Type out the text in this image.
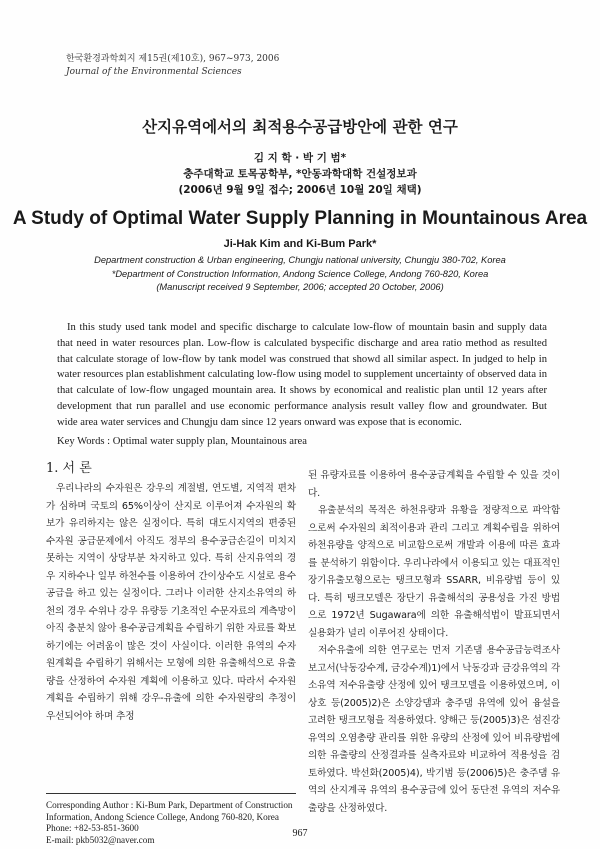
한국환경과학회지 제15권(제10호), 967~973, 2006
Journal of the Environmental Sciences
산지유역에서의 최적용수공급방안에 관한 연구
김 지 학 · 박 기 범*
충주대학교 토목공학부, *안동과학대학 건설정보과
(2006년 9월 9일 접수; 2006년 10월 20일 채택)
A Study of Optimal Water Supply Planning in Mountainous Area
Ji-Hak Kim and Ki-Bum Park*
Department construction & Urban engineering, Chungju national university, Chungju 380-702, Korea
*Department of Construction Information, Andong Science College, Andong 760-820, Korea
(Manuscript received 9 September, 2006; accepted 20 October, 2006)
In this study used tank model and specific discharge to calculate low-flow of mountain basin and supply data that need in water resources plan. Low-flow is calculated byspecific discharge and area ratio method as resulted that calculate storage of low-flow by tank model was construed that showd all similar aspect. In judged to help in water resources plan establishment calculating low-flow using model to supplement uncertainty of observed data in that calculate of low-flow ungaged mountain area. It shows by economical and realistic plan until 12 years after development that run parallel and use economic performance analysis result valley flow and groundwater. But wide area water services and Chungju dam since 12 years onward was expose that is economic.
Key Words : Optimal water supply plan, Mountainous area
1. 서 론

우리나라의 수자원은 강우의 계절별, 연도별, 지역적 편차가 심하며 국토의 65%이상이 산지로 이루어져 수자원의 확보가 유리하지는 않은 실정이다. 특히 대도시지역의 편중된 수자원 공급문제에서 아직도 정부의 용수공급손길이 미치지 못하는 지역이 상당부분 차지하고 있다. 특히 산지유역의 경우 지하수나 일부 하천수를 이용하여 간이상수도 시설로 용수공급을 하고 있는 실정이다. 그러나 이러한 산지소유역의 하천의 경우 수위나 강우 유량등 기초적인 수문자료의 계측망이 아직 충분치 않아 용수공급계획을 수립하기 위한 자료를 확보하기에는 어려움이 많은 것이 사실이다. 이러한 유역의 수자원계획을 수립하기 위해서는 모형에 의한 유출해석으로 유출량을 산정하여 수자원 계획에 이용하고 있다. 따라서 수자원 계획을 수립하기 위해 강우-유출에 의한 수자원량의 추정이 우선되어야 하며 추정

된 유량자료를 이용하여 용수공급계획을 수립할 수 있을 것이다.

유출분석의 목적은 하천유량과 유황을 정량적으로 파악함으로써 수자원의 최적이용과 관리 그리고 계획수립을 위하여 하천유량을 양적으로 비교함으로써 개발과 이용에 따른 효과를 분석하기 위함이다. 우리나라에서 이용되고 있는 대표적인 장기유출모형으로는 탱크모형과 SSARR, 비유량법 등이 있다. 특히 탱크모델은 장단기 유출해석의 공용성을 가진 방법으로 1972년 Sugawara에 의한 유출해석법이 발표되면서 실용화가 널리 이루어진 상태이다.

저수유출에 의한 연구로는 먼저 기존댐 용수공급능력조사 보고서(낙동강수계, 금강수계)1)에서 낙동강과 금강유역의 각 소유역 저수유출량 산정에 있어 탱크모델을 이용하였으며, 이상호 등(2005)2)은 소양강댐과 충주댐 유역에 있어 융설을 고려한 탱크모형을 적용하였다. 양해근 등(2005)3)은 섬진강유역의 오염총량 관리를 위한 유량의 산정에 있어 비유량법에 의한 유출량의 산정결과를 실측자료와 비교하여 적용성을 검토하였다. 박선화(2005)4), 박기범 등(2006)5)은 충주댐 유역의 산지계곡 유역의 용수공급에 있어 동단전 유역의 저수유출량을 산정하였다.

Corresponding Author : Ki-Bum Park, Department of Construction Information, Andong Science College, Andong 760-820, Korea
Phone: +82-53-851-3600
E-mail: pkb5032@naver.com
967
